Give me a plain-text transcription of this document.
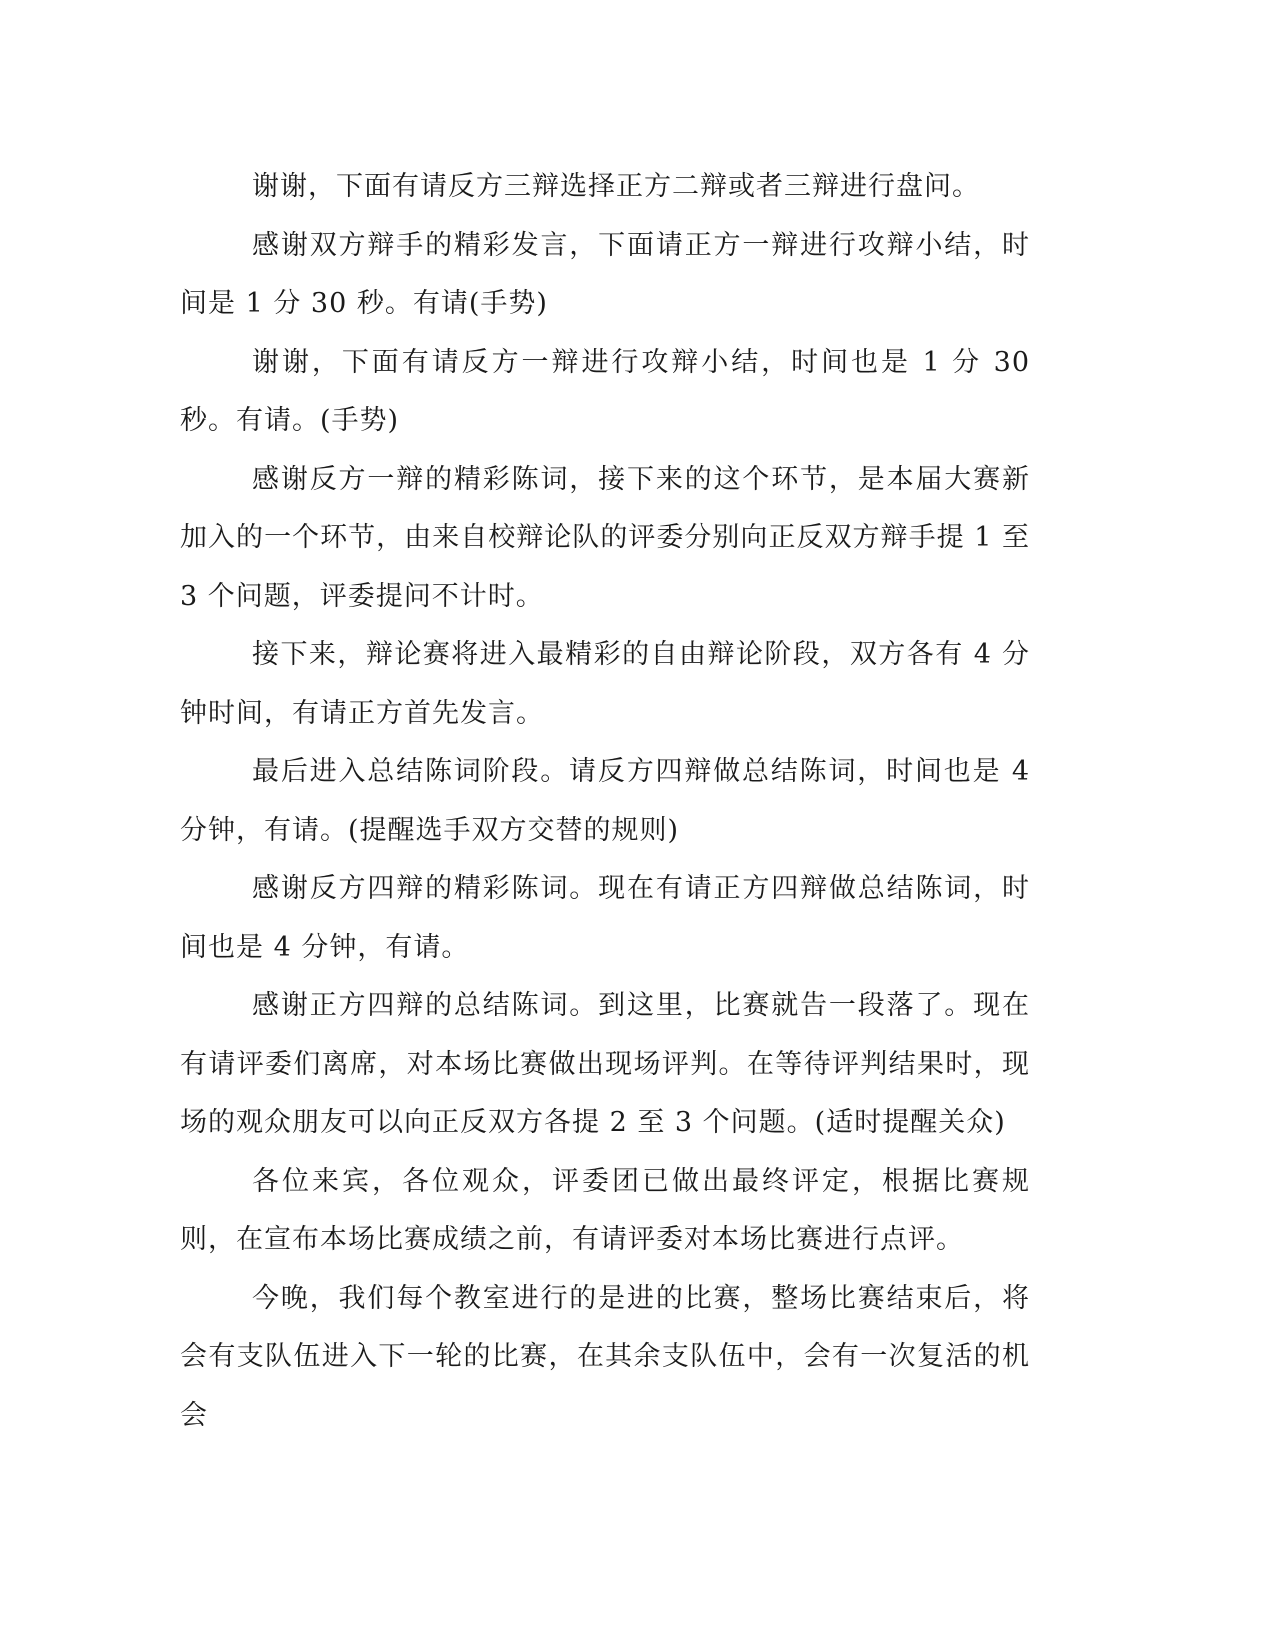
谢谢，下面有请反方三辩选择正方二辩或者三辩进行盘问。

感谢双方辩手的精彩发言，下面请正方一辩进行攻辩小结，时间是 1 分 30 秒。有请(手势)

谢谢，下面有请反方一辩进行攻辩小结，时间也是 1 分 30 秒。有请。(手势)

感谢反方一辩的精彩陈词，接下来的这个环节，是本届大赛新加入的一个环节，由来自校辩论队的评委分别向正反双方辩手提 1 至 3 个问题，评委提问不计时。

接下来，辩论赛将进入最精彩的自由辩论阶段，双方各有 4 分钟时间，有请正方首先发言。

最后进入总结陈词阶段。请反方四辩做总结陈词，时间也是 4 分钟，有请。(提醒选手双方交替的规则)

感谢反方四辩的精彩陈词。现在有请正方四辩做总结陈词，时间也是 4 分钟，有请。

感谢正方四辩的总结陈词。到这里，比赛就告一段落了。现在有请评委们离席，对本场比赛做出现场评判。在等待评判结果时，现场的观众朋友可以向正反双方各提 2 至 3 个问题。(适时提醒关众)

各位来宾，各位观众，评委团已做出最终评定，根据比赛规则，在宣布本场比赛成绩之前，有请评委对本场比赛进行点评。

今晚，我们每个教室进行的是进的比赛，整场比赛结束后，将会有支队伍进入下一轮的比赛，在其余支队伍中，会有一次复活的机会
